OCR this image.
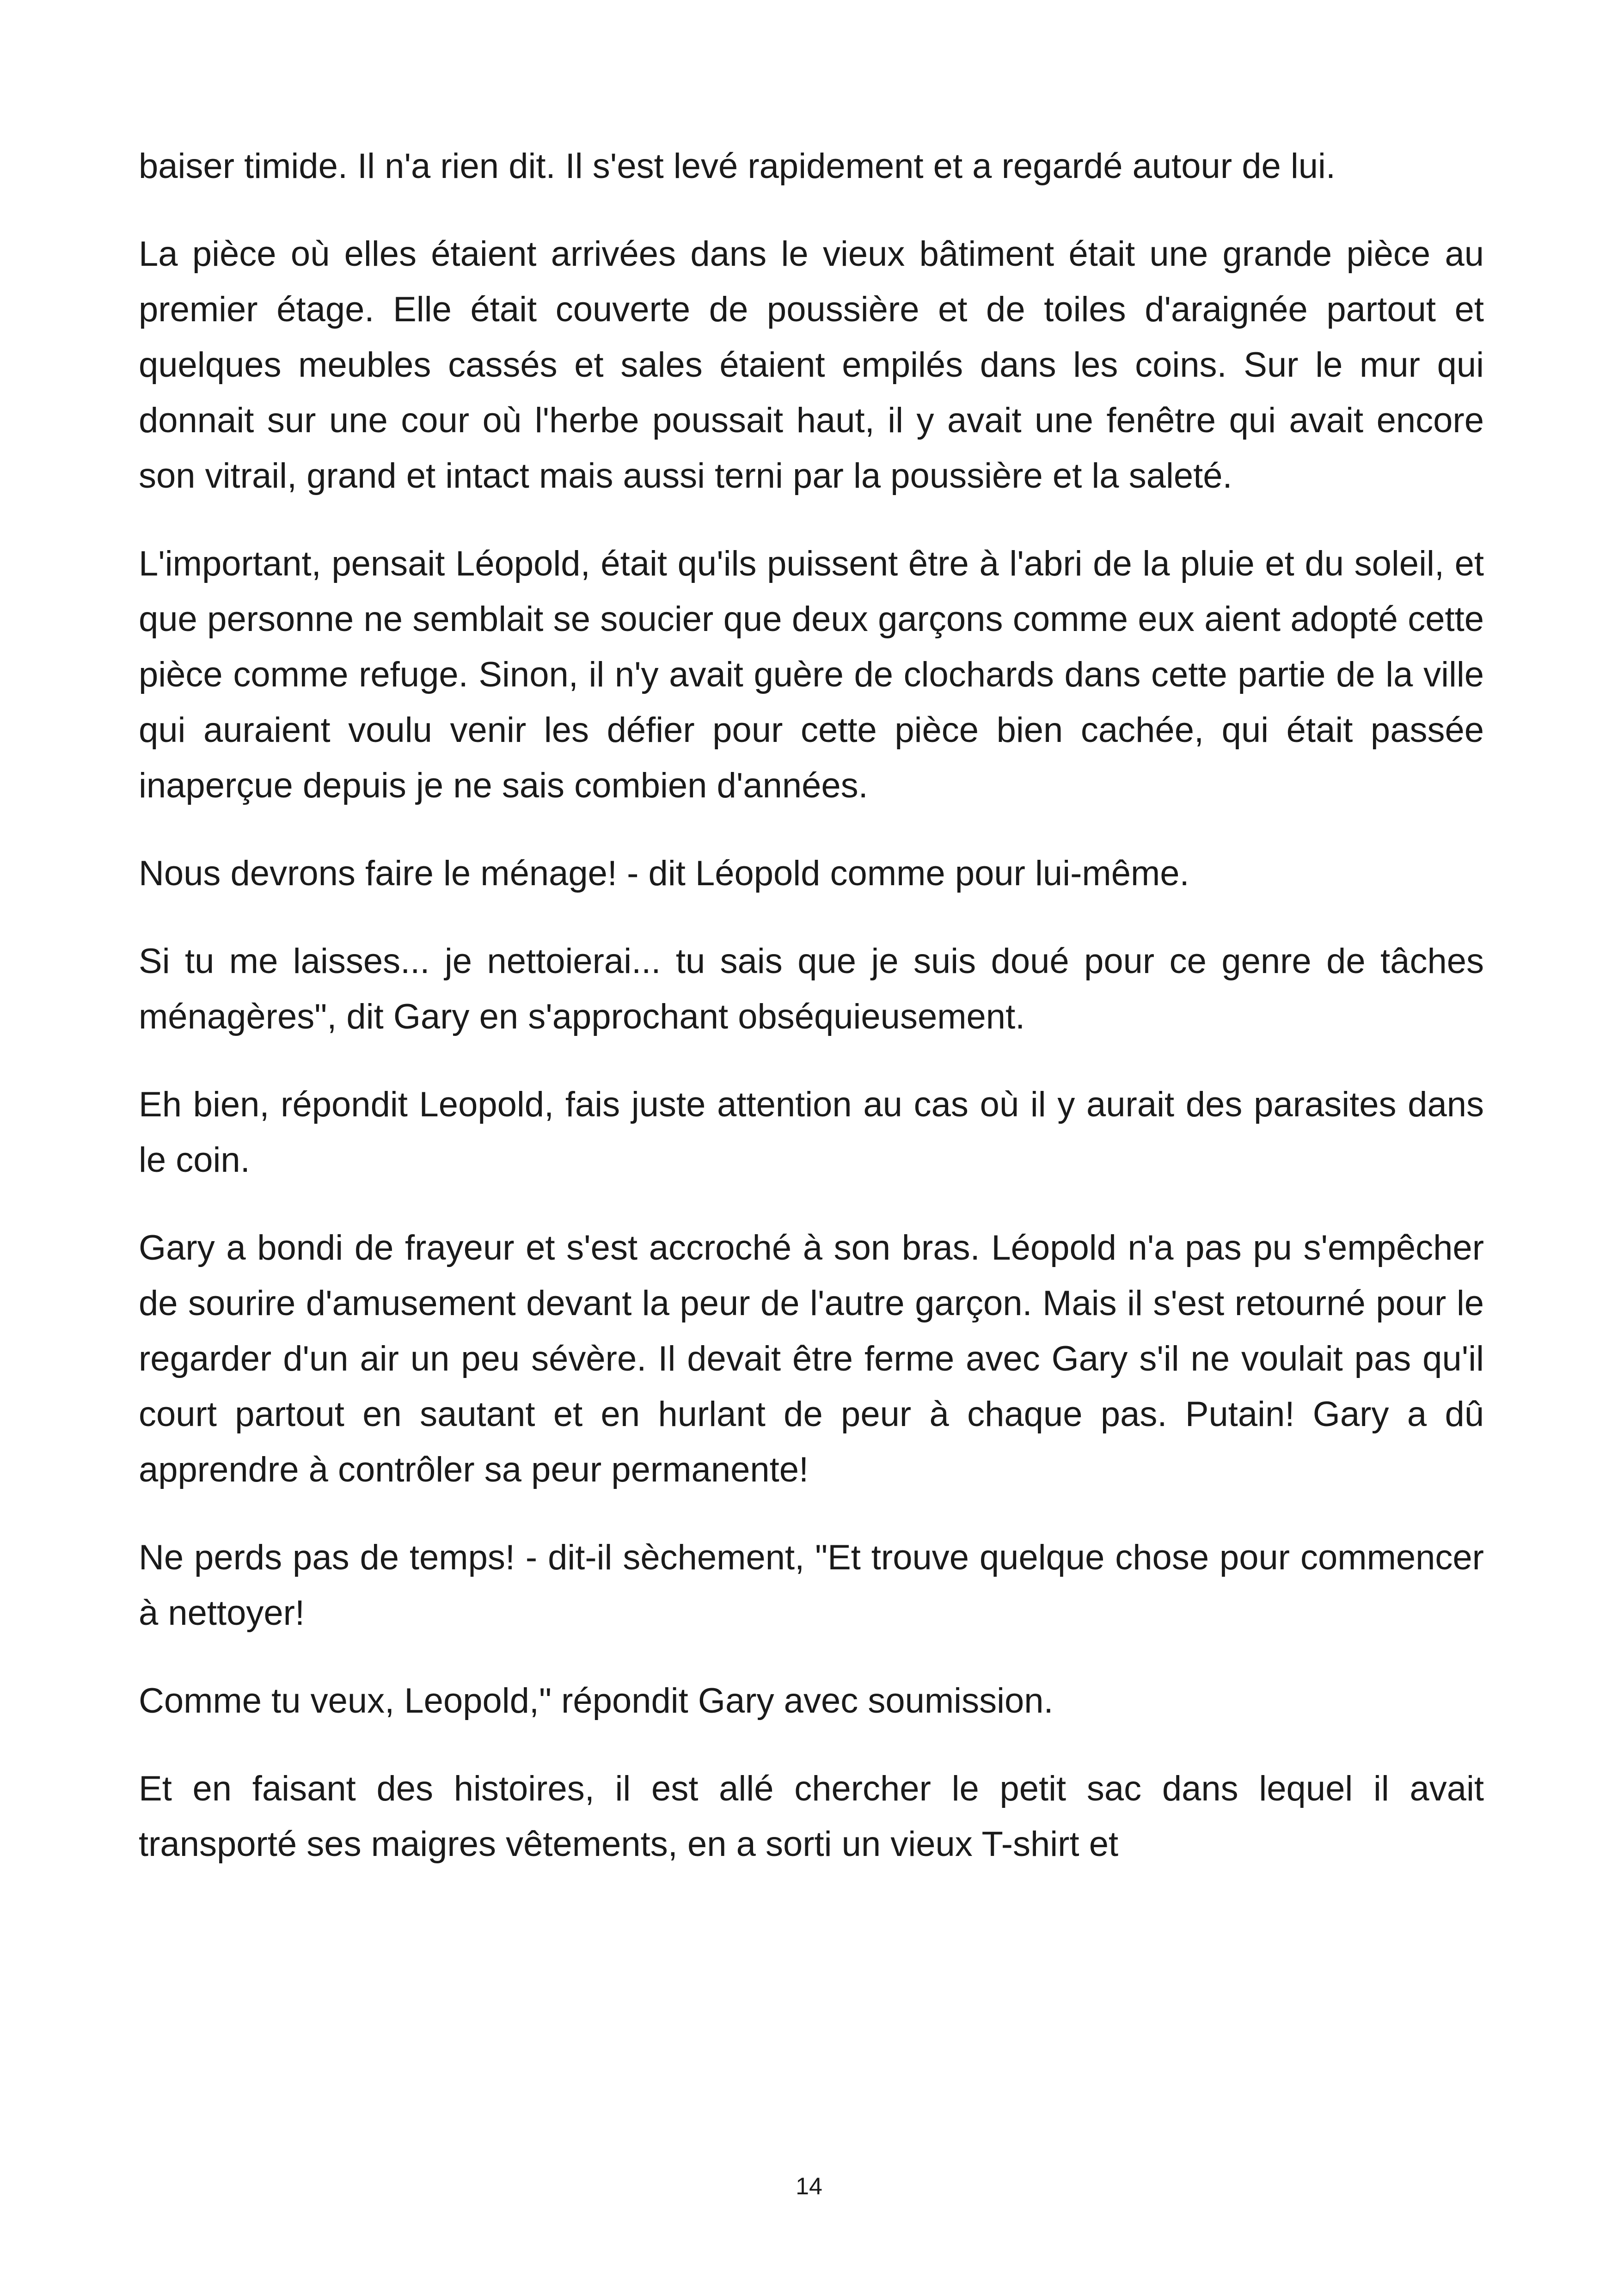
baiser timide. Il n'a rien dit. Il s'est levé rapidement et a regardé autour de lui.

La pièce où elles étaient arrivées dans le vieux bâtiment était une grande pièce au premier étage. Elle était couverte de poussière et de toiles d'araignée partout et quelques meubles cassés et sales étaient empilés dans les coins. Sur le mur qui donnait sur une cour où l'herbe poussait haut, il y avait une fenêtre qui avait encore son vitrail, grand et intact mais aussi terni par la poussière et la saleté.

L'important, pensait Léopold, était qu'ils puissent être à l'abri de la pluie et du soleil, et que personne ne semblait se soucier que deux garçons comme eux aient adopté cette pièce comme refuge. Sinon, il n'y avait guère de clochards dans cette partie de la ville qui auraient voulu venir les défier pour cette pièce bien cachée, qui était passée inaperçue depuis je ne sais combien d'années.

Nous devrons faire le ménage! - dit Léopold comme pour lui-même.

Si tu me laisses... je nettoierai... tu sais que je suis doué pour ce genre de tâches ménagères", dit Gary en s'approchant obséquieusement.

Eh bien, répondit Leopold, fais juste attention au cas où il y aurait des parasites dans le coin.

Gary a bondi de frayeur et s'est accroché à son bras. Léopold n'a pas pu s'empêcher de sourire d'amusement devant la peur de l'autre garçon. Mais il s'est retourné pour le regarder d'un air un peu sévère. Il devait être ferme avec Gary s'il ne voulait pas qu'il court partout en sautant et en hurlant de peur à chaque pas. Putain! Gary a dû apprendre à contrôler sa peur permanente!

Ne perds pas de temps! - dit-il sèchement, "Et trouve quelque chose pour commencer à nettoyer!

Comme tu veux, Leopold," répondit Gary avec soumission.

Et en faisant des histoires, il est allé chercher le petit sac dans lequel il avait transporté ses maigres vêtements, en a sorti un vieux T-shirt et

14
